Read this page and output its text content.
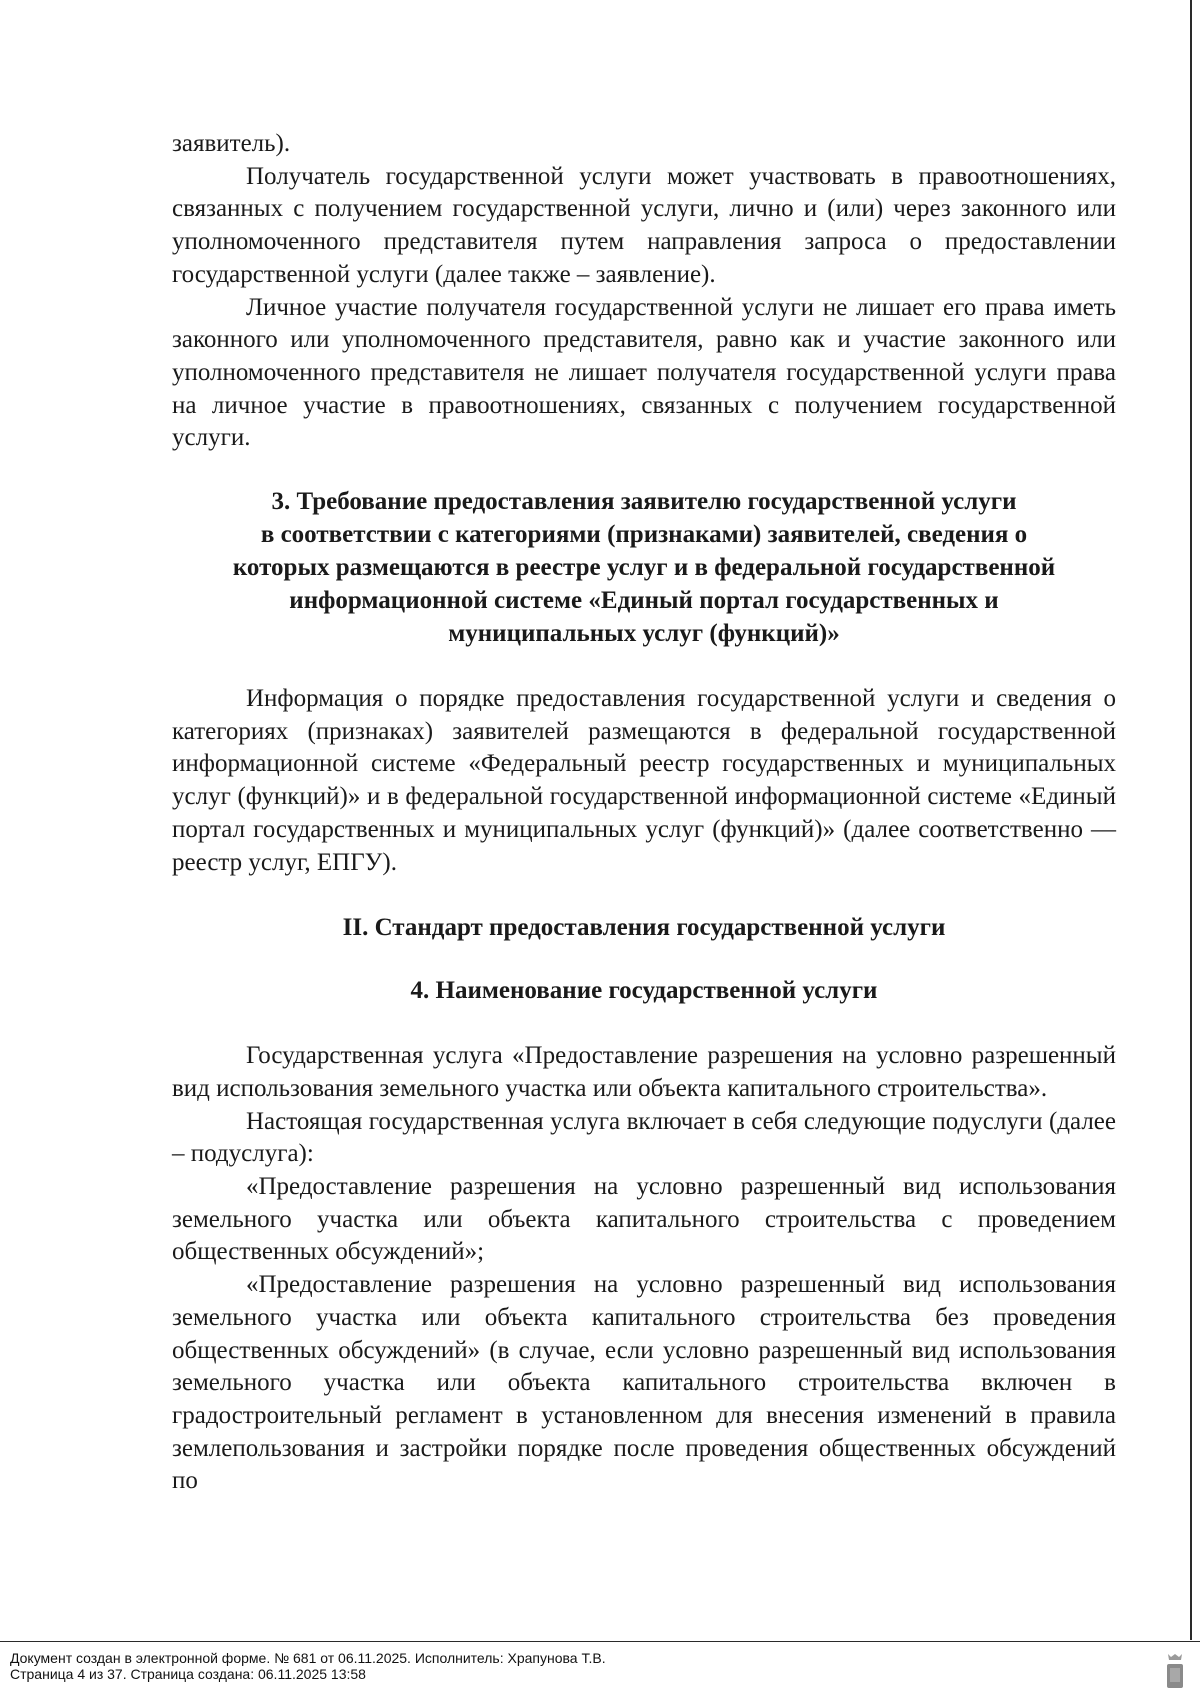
заявитель).

Получатель государственной услуги может участвовать в правоотношениях, связанных с получением государственной услуги, лично и (или) через законного или уполномоченного представителя путем направления запроса о предоставлении государственной услуги (далее также – заявление).

Личное участие получателя государственной услуги не лишает его права иметь законного или уполномоченного представителя, равно как и участие законного или уполномоченного представителя не лишает получателя государственной услуги права на личное участие в правоотношениях, связанных с получением государственной услуги.

3. Требование предоставления заявителю государственной услуги

в соответствии с категориями (признаками) заявителей, сведения о

которых размещаются в реестре услуг и в федеральной государственной

информационной системе «Единый портал государственных и

муниципальных услуг (функций)»

Информация о порядке предоставления государственной услуги и сведения о категориях (признаках) заявителей размещаются в федеральной государственной информационной системе «Федеральный реестр государственных и муниципальных услуг (функций)» и в федеральной государственной информационной системе «Единый портал государственных и муниципальных услуг (функций)» (далее соответственно — реестр услуг, ЕПГУ).

II. Стандарт предоставления государственной услуги

4. Наименование государственной услуги

Государственная услуга «Предоставление разрешения на условно разрешенный вид использования земельного участка или объекта капитального строительства».

Настоящая государственная услуга включает в себя следующие подуслуги (далее – подуслуга):

«Предоставление разрешения на условно разрешенный вид использования земельного участка или объекта капитального строительства с проведением общественных обсуждений»;

«Предоставление разрешения на условно разрешенный вид использования земельного участка или объекта капитального строительства без проведения общественных обсуждений» (в случае, если условно разрешенный вид использования земельного участка или объекта капитального строительства включен в градостроительный регламент в установленном для внесения изменений в правила землепользования и застройки порядке после проведения общественных обсуждений по

Документ создан в электронной форме. № 681 от 06.11.2025. Исполнитель: Храпунова Т.В.
Страница 4 из 37. Страница создана: 06.11.2025 13:58
